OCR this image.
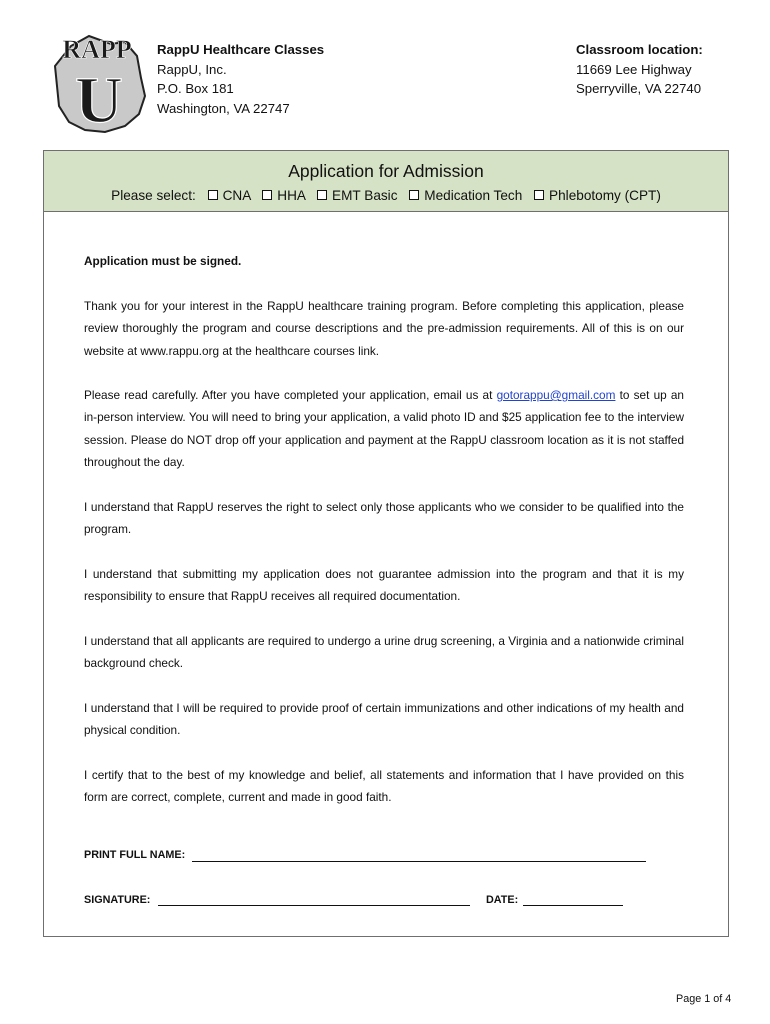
RAPP
U
RappU Healthcare Classes
RappU, Inc.
P.O. Box 181
Washington, VA 22747
Classroom location:
11669 Lee Highway
Sperryville, VA 22740
Application for Admission
Please select: CNA HHA EMT Basic Medication Tech Phlebotomy (CPT)
Application must be signed.
Thank you for your interest in the RappU healthcare training program. Before completing this application, please review thoroughly the program and course descriptions and the pre-admission requirements. All of this is on our website at www.rappu.org at the healthcare courses link.
Please read carefully. After you have completed your application, email us at gotorappu@gmail.com to set up an in-person interview. You will need to bring your application, a valid photo ID and $25 application fee to the interview session. Please do NOT drop off your application and payment at the RappU classroom location as it is not staffed throughout the day.
I understand that RappU reserves the right to select only those applicants who we consider to be qualified into the program.
I understand that submitting my application does not guarantee admission into the program and that it is my responsibility to ensure that RappU receives all required documentation.
I understand that all applicants are required to undergo a urine drug screening, a Virginia and a nationwide criminal background check.
I understand that I will be required to provide proof of certain immunizations and other indications of my health and physical condition.
I certify that to the best of my knowledge and belief, all statements and information that I have provided on this form are correct, complete, current and made in good faith.
PRINT FULL NAME:
SIGNATURE:	DATE:
Page 1 of 4
